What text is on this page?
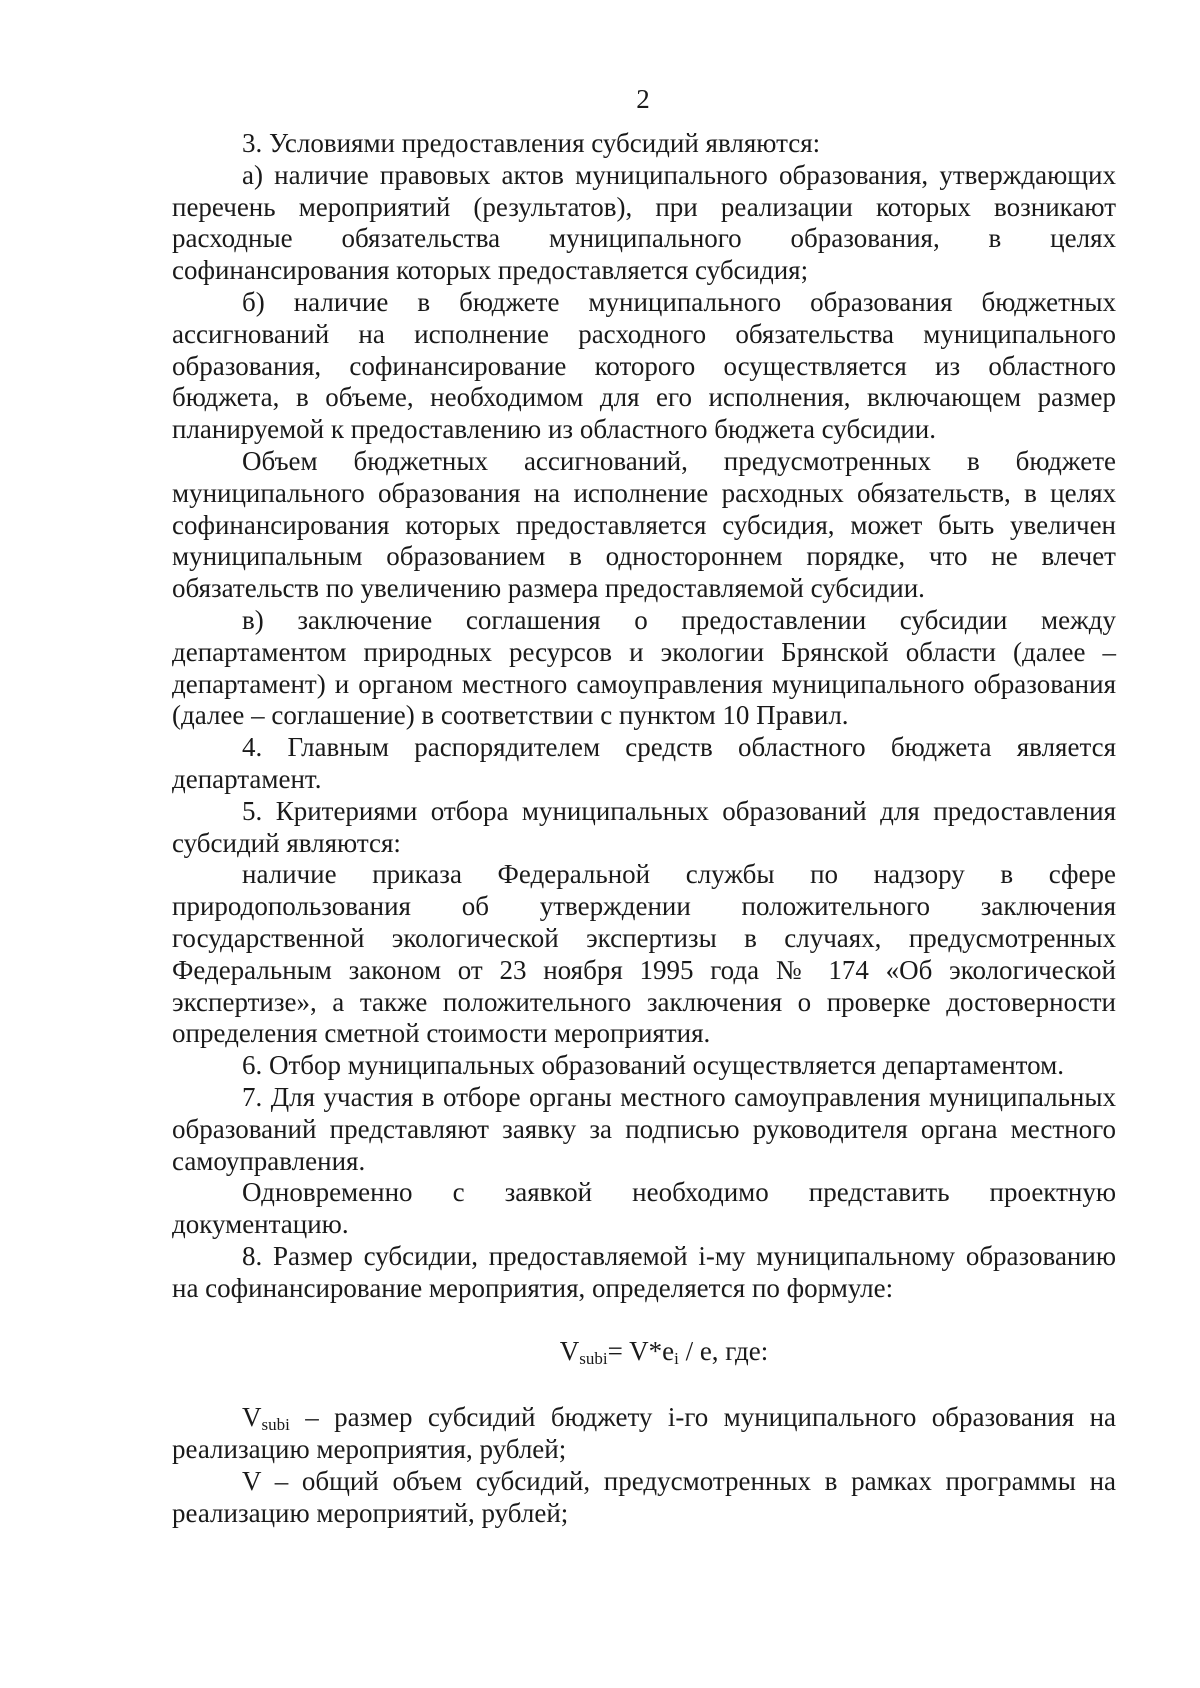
2

3. Условиями предоставления субсидий являются:

а) наличие правовых актов муниципального образования, утверждающих перечень мероприятий (результатов), при реализации которых возникают расходные обязательства муниципального образования, в целях софинансирования которых предоставляется субсидия;

б) наличие в бюджете муниципального образования бюджетных ассигнований на исполнение расходного обязательства муниципального образования, софинансирование которого осуществляется из областного бюджета, в объеме, необходимом для его исполнения, включающем размер планируемой к предоставлению из областного бюджета субсидии.

Объем бюджетных ассигнований, предусмотренных в бюджете муниципального образования на исполнение расходных обязательств, в целях софинансирования которых предоставляется субсидия, может быть увеличен муниципальным образованием в одностороннем порядке, что не влечет обязательств по увеличению размера предоставляемой субсидии.

в) заключение соглашения о предоставлении субсидии между департаментом природных ресурсов и экологии Брянской области (далее – департамент) и органом местного самоуправления муниципального образования (далее – соглашение) в соответствии с пунктом 10 Правил.

4. Главным распорядителем средств областного бюджета является департамент.

5. Критериями отбора муниципальных образований для предоставления субсидий являются:

наличие приказа Федеральной службы по надзору в сфере природопользования об утверждении положительного заключения государственной экологической экспертизы в случаях, предусмотренных Федеральным законом от 23 ноября 1995 года № 174 «Об экологической экспертизе», а также положительного заключения о проверке достоверности определения сметной стоимости мероприятия.

6. Отбор муниципальных образований осуществляется департаментом.

7. Для участия в отборе органы местного самоуправления муниципальных образований представляют заявку за подписью руководителя органа местного самоуправления.

Одновременно с заявкой необходимо представить проектную документацию.

8. Размер субсидии, предоставляемой i-му муниципальному образованию на софинансирование мероприятия, определяется по формуле:

$V_{subi}= V*e_i / e$, где:

$V_{subi}$ – размер субсидий бюджету i-го муниципального образования на реализацию мероприятия, рублей;

V – общий объем субсидий, предусмотренных в рамках программы на реализацию мероприятий, рублей;
